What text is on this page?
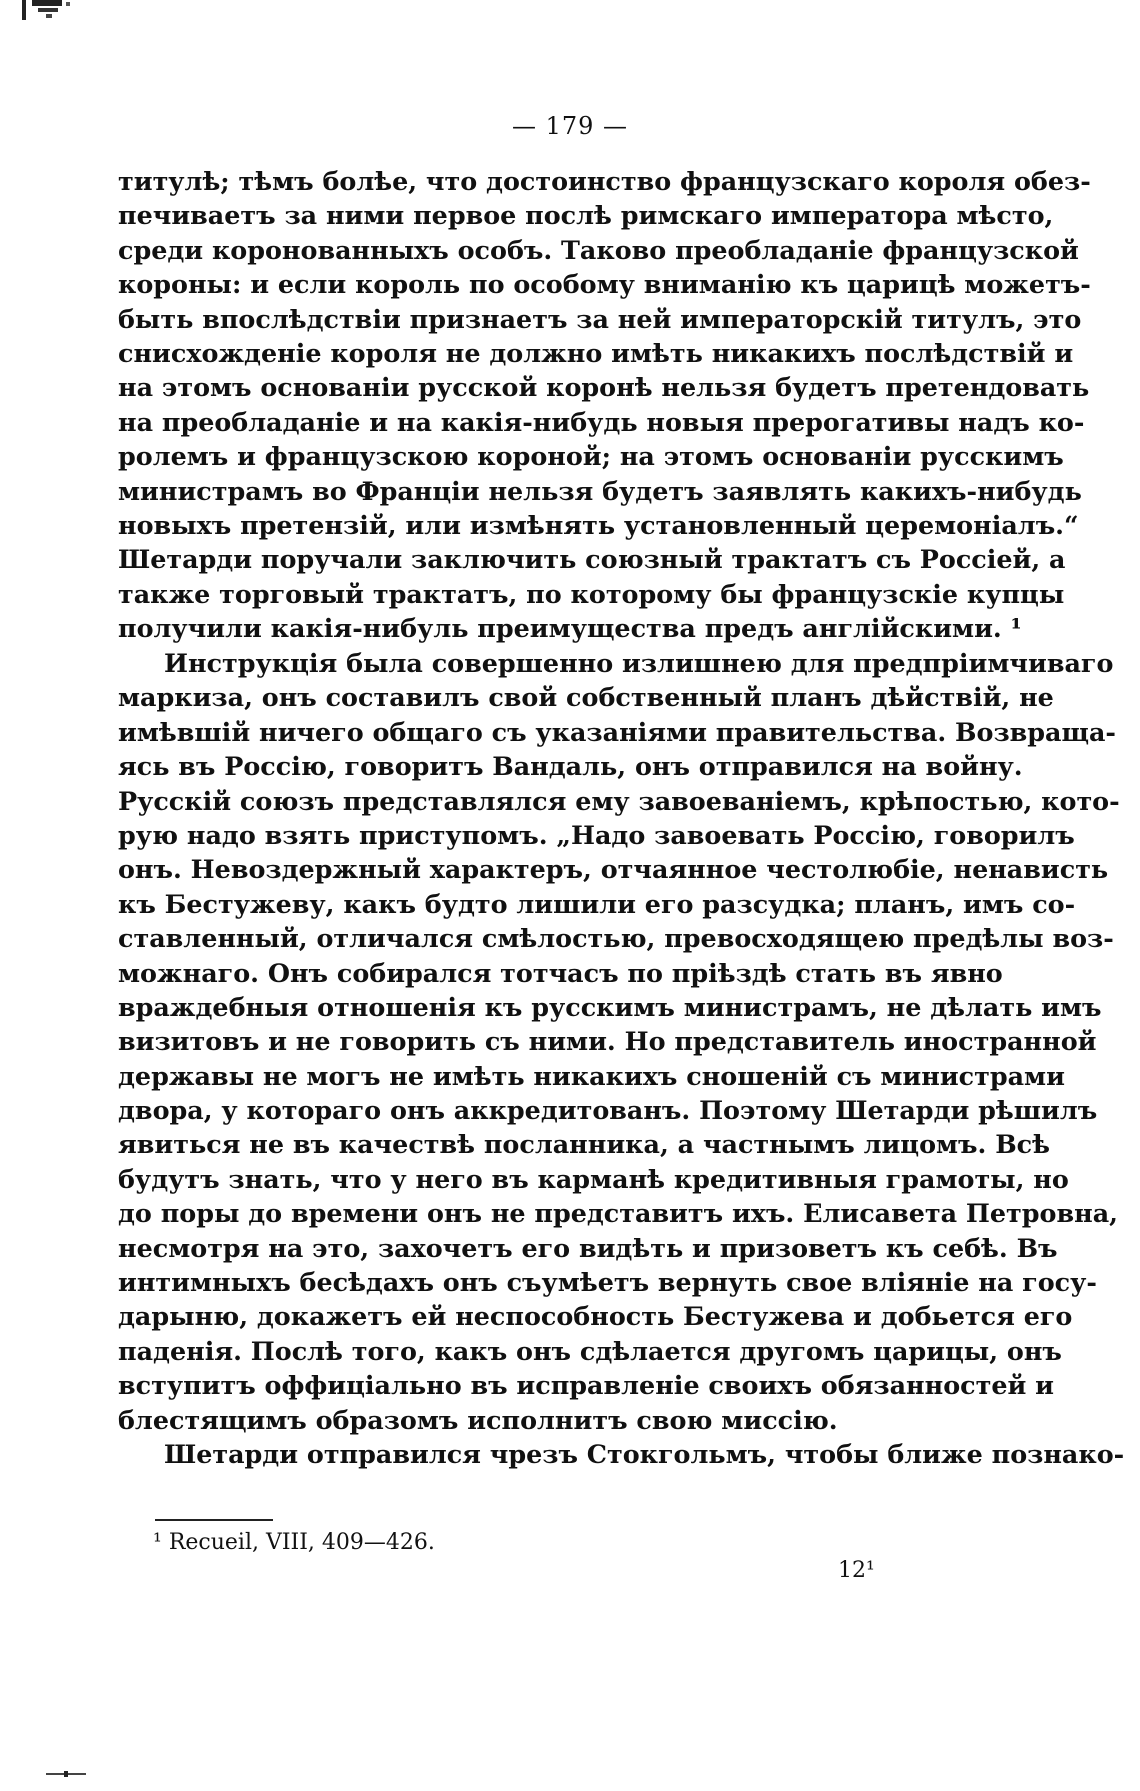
— 179 —
титулѣ; тѣмъ болѣе, что достоинство французскаго короля обез-
печиваетъ за ними первое послѣ римскаго императора мѣсто,
среди коронованныхъ особъ. Таково преобладаніе французской
короны: и если король по особому вниманію къ царицѣ можетъ-
быть впослѣдствіи признаетъ за ней императорскій титулъ, это
снисхожденіе короля не должно имѣть никакихъ послѣдствій и
на этомъ основаніи русской коронѣ нельзя будетъ претендовать
на преобладаніе и на какія-нибудь новыя прерогативы надъ ко-
ролемъ и французскою короной; на этомъ основаніи русскимъ
министрамъ во Франціи нельзя будетъ заявлять какихъ-нибудь
новыхъ претензій, или измѣнять установленный церемоніалъ.“
Шетарди поручали заключить союзный трактатъ съ Россіей, а
также торговый трактатъ, по которому бы французскіе купцы
получили какія-нибуль преимущества предъ англійскими. ¹
Инструкція была совершенно излишнею для предпріимчиваго
маркиза, онъ составилъ свой собственный планъ дѣйствій, не
имѣвшій ничего общаго съ указаніями правительства. Возвраща-
ясь въ Россію, говоритъ Вандаль, онъ отправился на войну.
Русскій союзъ представлялся ему завоеваніемъ, крѣпостью, кото-
рую надо взять приступомъ. „Надо завоевать Россію, говорилъ
онъ. Невоздержный характеръ, отчаянное честолюбіе, ненависть
къ Бестужеву, какъ будто лишили его разсудка; планъ, имъ со-
ставленный, отличался смѣлостью, превосходящею предѣлы воз-
можнаго. Онъ собирался тотчасъ по пріѣздѣ стать въ явно
враждебныя отношенія къ русскимъ министрамъ, не дѣлать имъ
визитовъ и не говорить съ ними. Но представитель иностранной
державы не могъ не имѣть никакихъ сношеній съ министрами
двора, у котораго онъ аккредитованъ. Поэтому Шетарди рѣшилъ
явиться не въ качествѣ посланника, а частнымъ лицомъ. Всѣ
будутъ знать, что у него въ карманѣ кредитивныя грамоты, но
до поры до времени онъ не представитъ ихъ. Елисавета Петровна,
несмотря на это, захочетъ его видѣть и призоветъ къ себѣ. Въ
интимныхъ бесѣдахъ онъ съумѣетъ вернуть свое вліяніе на госу-
дарыню, докажетъ ей неспособность Бестужева и добьется его
паденія. Послѣ того, какъ онъ сдѣлается другомъ царицы, онъ
вступитъ оффиціально въ исправленіе своихъ обязанностей и
блестящимъ образомъ исполнитъ свою миссію.
Шетарди отправился чрезъ Стокгольмъ, чтобы ближе познако-
¹ Recueil, VIII, 409—426.
12¹
